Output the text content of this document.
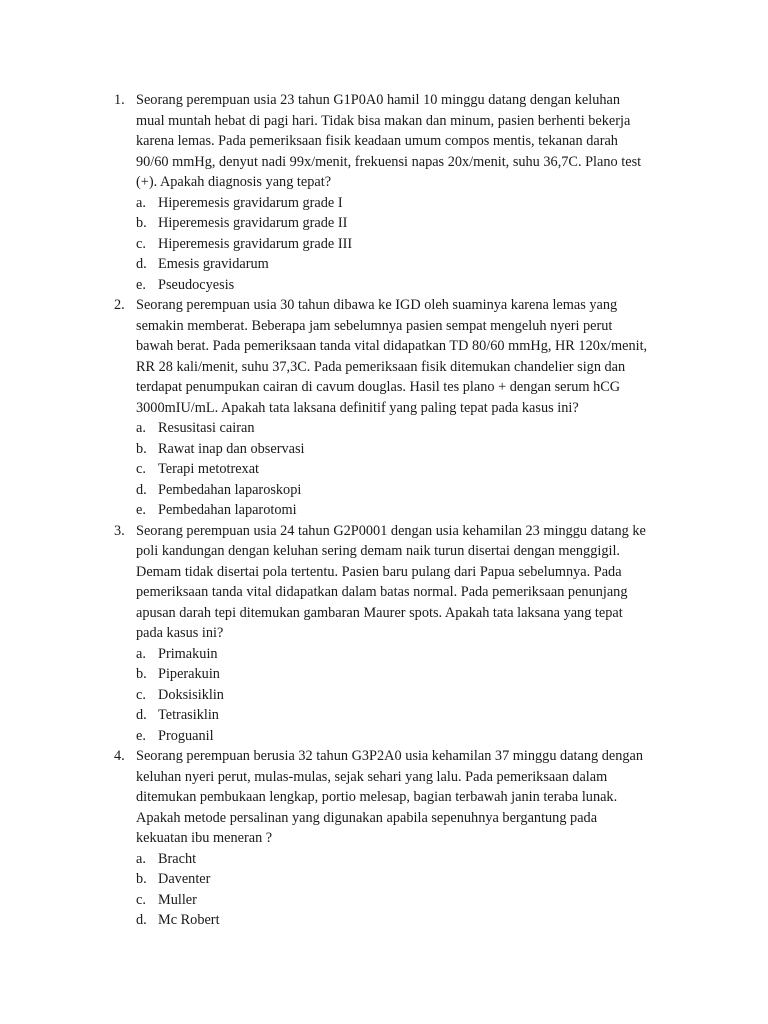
1. Seorang perempuan usia 23 tahun G1P0A0 hamil 10 minggu datang dengan keluhan
mual muntah hebat di pagi hari. Tidak bisa makan dan minum, pasien berhenti bekerja
karena lemas. Pada pemeriksaan fisik keadaan umum compos mentis, tekanan darah
90/60 mmHg, denyut nadi 99x/menit, frekuensi napas 20x/menit, suhu 36,7C. Plano test
(+). Apakah diagnosis yang tepat?

a. Hiperemesis gravidarum grade I
b. Hiperemesis gravidarum grade II
c. Hiperemesis gravidarum grade III
d. Emesis gravidarum
e. Pseudocyesis
2. Seorang perempuan usia 30 tahun dibawa ke IGD oleh suaminya karena lemas yang
semakin memberat. Beberapa jam sebelumnya pasien sempat mengeluh nyeri perut
bawah berat. Pada pemeriksaan tanda vital didapatkan TD 80/60 mmHg, HR 120x/menit,
RR 28 kali/menit, suhu 37,3C. Pada pemeriksaan fisik ditemukan chandelier sign dan
terdapat penumpukan cairan di cavum douglas. Hasil tes plano + dengan serum hCG
3000mIU/mL. Apakah tata laksana definitif yang paling tepat pada kasus ini?

a. Resusitasi cairan
b. Rawat inap dan observasi
c. Terapi metotrexat
d. Pembedahan laparoskopi
e. Pembedahan laparotomi
3. Seorang perempuan usia 24 tahun G2P0001 dengan usia kehamilan 23 minggu datang ke
poli kandungan dengan keluhan sering demam naik turun disertai dengan menggigil.
Demam tidak disertai pola tertentu. Pasien baru pulang dari Papua sebelumnya. Pada
pemeriksaan tanda vital didapatkan dalam batas normal. Pada pemeriksaan penunjang
apusan darah tepi ditemukan gambaran Maurer spots. Apakah tata laksana yang tepat
pada kasus ini?

a. Primakuin
b. Piperakuin
c. Doksisiklin
d. Tetrasiklin
e. Proguanil
4. Seorang perempuan berusia 32 tahun G3P2A0 usia kehamilan 37 minggu datang dengan
keluhan nyeri perut, mulas-mulas, sejak sehari yang lalu. Pada pemeriksaan dalam
ditemukan pembukaan lengkap, portio melesap, bagian terbawah janin teraba lunak.
Apakah metode persalinan yang digunakan apabila sepenuhnya bergantung pada
kekuatan ibu meneran ?

a. Bracht
b. Daventer
c. Muller
d. Mc Robert
